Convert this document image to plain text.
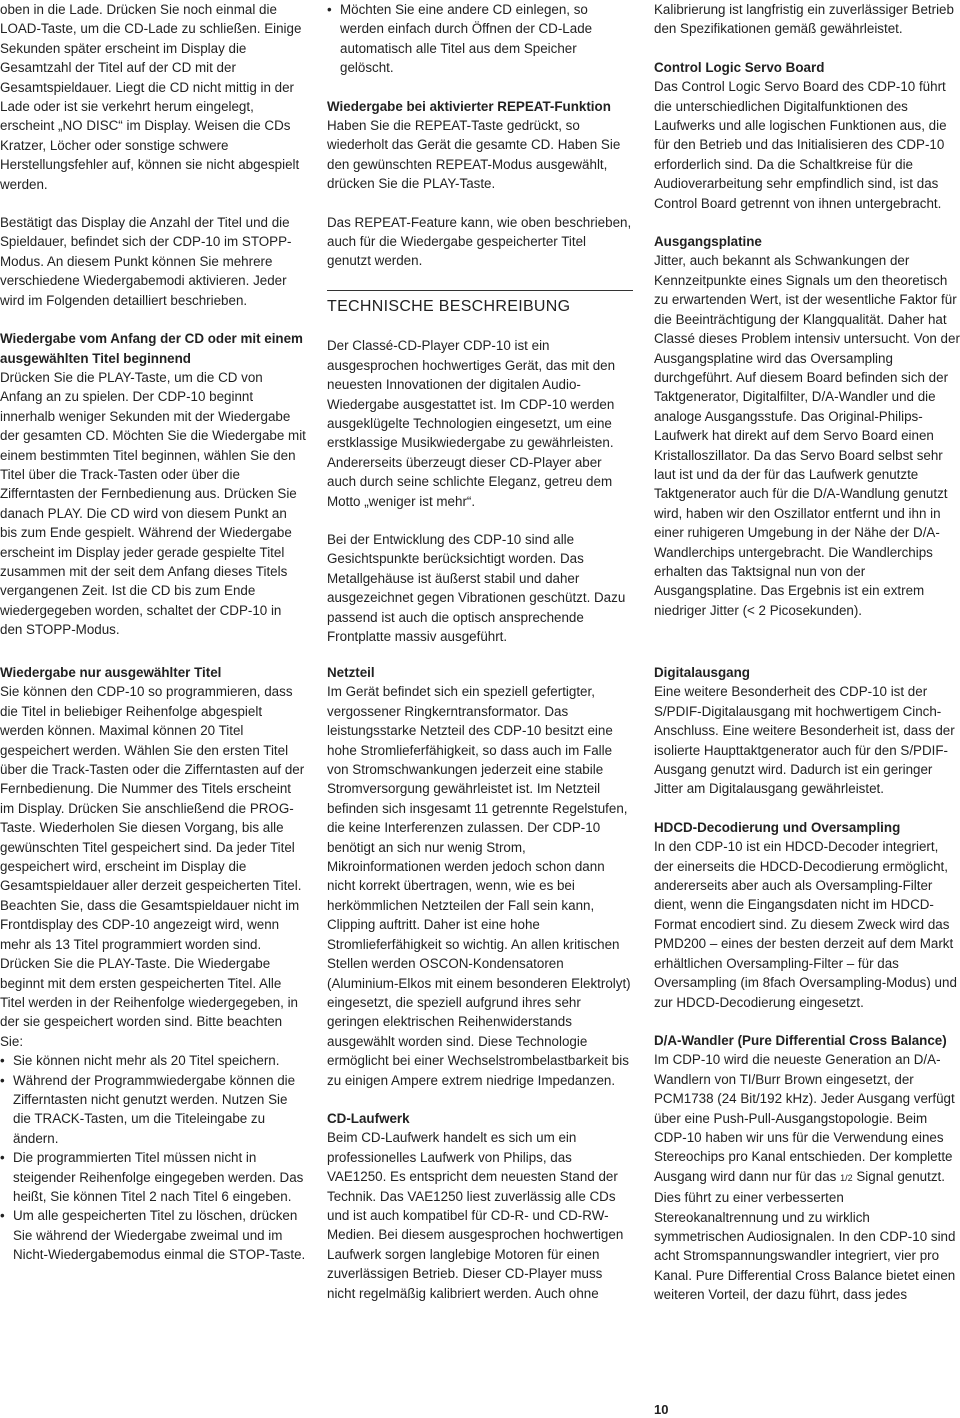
oben in die Lade. Drücken Sie noch einmal die LOAD-Taste, um die CD-Lade zu schließen. Einige Sekunden später erscheint im Display die Gesamtzahl der Titel auf der CD mit der Gesamtspieldauer. Liegt die CD nicht mittig in der Lade oder ist sie verkehrt herum eingelegt, erscheint „NO DISC“ im Display. Weisen die CDs Kratzer, Löcher oder sonstige schwere Herstellungsfehler auf, können sie nicht abgespielt werden.

Bestätigt das Display die Anzahl der Titel und die Spieldauer, befindet sich der CDP-10 im STOPP-Modus. An diesem Punkt können Sie mehrere verschiedene Wiedergabemodi aktivieren. Jeder wird im Folgenden detailliert beschrieben.

Wiedergabe vom Anfang der CD oder mit einem ausgewählten Titel beginnend

Drücken Sie die PLAY-Taste, um die CD von Anfang an zu spielen. Der CDP-10 beginnt innerhalb weniger Sekunden mit der Wiedergabe der gesamten CD. Möchten Sie die Wiedergabe mit einem bestimmten Titel beginnen, wählen Sie den Titel über die Track-Tasten oder über die Zifferntasten der Fernbedienung aus. Drücken Sie danach PLAY. Die CD wird von diesem Punkt an bis zum Ende gespielt. Während der Wiedergabe erscheint im Display jeder gerade gespielte Titel zusammen mit der seit dem Anfang dieses Titels vergangenen Zeit. Ist die CD bis zum Ende wiedergegeben worden, schaltet der CDP-10 in den STOPP-Modus.

Wiedergabe nur ausgewählter Titel

Sie können den CDP-10 so programmieren, dass die Titel in beliebiger Reihenfolge abgespielt werden können. Maximal können 20 Titel gespeichert werden. Wählen Sie den ersten Titel über die Track-Tasten oder die Zifferntasten auf der Fernbedienung. Die Nummer des Titels erscheint im Display. Drücken Sie anschließend die PROG-Taste. Wiederholen Sie diesen Vorgang, bis alle gewünschten Titel gespeichert sind. Da jeder Titel gespeichert wird, erscheint im Display die Gesamtspieldauer aller derzeit gespeicherten Titel. Beachten Sie, dass die Gesamtspieldauer nicht im Frontdisplay des CDP-10 angezeigt wird, wenn mehr als 13 Titel programmiert worden sind. Drücken Sie die PLAY-Taste. Die Wiedergabe beginnt mit dem ersten gespeicherten Titel. Alle Titel werden in der Reihenfolge wiedergegeben, in der sie gespeichert worden sind. Bitte beachten Sie:

• Sie können nicht mehr als 20 Titel speichern.
• Während der Programmwiedergabe können die Zifferntasten nicht genutzt werden. Nutzen Sie die TRACK-Tasten, um die Titeleingabe zu ändern.
• Die programmierten Titel müssen nicht in steigender Reihenfolge eingegeben werden. Das heißt, Sie können Titel 2 nach Titel 6 eingeben.
• Um alle gespeicherten Titel zu löschen, drücken Sie während der Wiedergabe zweimal und im Nicht-Wiedergabemodus einmal die STOP-Taste.
• Möchten Sie eine andere CD einlegen, so werden einfach durch Öffnen der CD-Lade automatisch alle Titel aus dem Speicher gelöscht.
Wiedergabe bei aktivierter REPEAT-Funktion

Haben Sie die REPEAT-Taste gedrückt, so wiederholt das Gerät die gesamte CD. Haben Sie den gewünschten REPEAT-Modus ausgewählt, drücken Sie die PLAY-Taste.

Das REPEAT-Feature kann, wie oben beschrieben, auch für die Wiedergabe gespeicherter Titel genutzt werden.

TECHNISCHE BESCHREIBUNG

Der Classé-CD-Player CDP-10 ist ein ausgesprochen hochwertiges Gerät, das mit den neuesten Innovationen der digitalen Audio-Wiedergabe ausgestattet ist. Im CDP-10 werden ausgeklügelte Technologien eingesetzt, um eine erstklassige Musikwiedergabe zu gewährleisten. Andererseits überzeugt dieser CD-Player aber auch durch seine schlichte Eleganz, getreu dem Motto „weniger ist mehr“.

Bei der Entwicklung des CDP-10 sind alle Gesichtspunkte berücksichtigt worden. Das Metallgehäuse ist äußerst stabil und daher ausgezeichnet gegen Vibrationen geschützt. Dazu passend ist auch die optisch ansprechende Frontplatte massiv ausgeführt.

Netzteil

Im Gerät befindet sich ein speziell gefertigter, vergossener Ringkerntransformator. Das leistungsstarke Netzteil des CDP-10 besitzt eine hohe Stromlieferfähigkeit, so dass auch im Falle von Stromschwankungen jederzeit eine stabile Stromversorgung gewährleistet ist. Im Netzteil befinden sich insgesamt 11 getrennte Regelstufen, die keine Interferenzen zulassen. Der CDP-10 benötigt an sich nur wenig Strom, Mikroinformationen werden jedoch schon dann nicht korrekt übertragen, wenn, wie es bei herkömmlichen Netzteilen der Fall sein kann, Clipping auftritt. Daher ist eine hohe Stromlieferfähigkeit so wichtig. An allen kritischen Stellen werden OSCON-Kondensatoren (Aluminium-Elkos mit einem besonderen Elektrolyt) eingesetzt, die speziell aufgrund ihres sehr geringen elektrischen Reihenwiderstands ausgewählt worden sind. Diese Technologie ermöglicht bei einer Wechselstrombelastbarkeit bis zu einigen Ampere extrem niedrige Impedanzen.

CD-Laufwerk

Beim CD-Laufwerk handelt es sich um ein professionelles Laufwerk von Philips, das VAE1250. Es entspricht dem neuesten Stand der Technik. Das VAE1250 liest zuverlässig alle CDs und ist auch kompatibel für CD-R- und CD-RW-Medien. Bei diesem ausgesprochen hochwertigen Laufwerk sorgen langlebige Motoren für einen zuverlässigen Betrieb. Dieser CD-Player muss nicht regelmäßig kalibriert werden. Auch ohne

Kalibrierung ist langfristig ein zuverlässiger Betrieb den Spezifikationen gemäß gewährleistet.

Control Logic Servo Board

Das Control Logic Servo Board des CDP-10 führt die unterschiedlichen Digitalfunktionen des Laufwerks und alle logischen Funktionen aus, die für den Betrieb und das Initialisieren des CDP-10 erforderlich sind. Da die Schaltkreise für die Audioverarbeitung sehr empfindlich sind, ist das Control Board getrennt von ihnen untergebracht.

Ausgangsplatine

Jitter, auch bekannt als Schwankungen der Kennzeitpunkte eines Signals um den theoretisch zu erwartenden Wert, ist der wesentliche Faktor für die Beeinträchtigung der Klangqualität. Daher hat Classé dieses Problem intensiv untersucht. Von der Ausgangsplatine wird das Oversampling durchgeführt. Auf diesem Board befinden sich der Taktgenerator, Digitalfilter, D/A-Wandler und die analoge Ausgangsstufe. Das Original-Philips-Laufwerk hat direkt auf dem Servo Board einen Kristalloszillator. Da das Servo Board selbst sehr laut ist und da der für das Laufwerk genutzte Taktgenerator auch für die D/A-Wandlung genutzt wird, haben wir den Oszillator entfernt und ihn in einer ruhigeren Umgebung in der Nähe der D/A-Wandlerchips untergebracht. Die Wandlerchips erhalten das Taktsignal nun von der Ausgangsplatine. Das Ergebnis ist ein extrem niedriger Jitter (< 2 Picosekunden).

Digitalausgang

Eine weitere Besonderheit des CDP-10 ist der S/PDIF-Digitalausgang mit hochwertigem Cinch-Anschluss. Eine weitere Besonderheit ist, dass der isolierte Haupttaktgenerator auch für den S/PDIF-Ausgang genutzt wird. Dadurch ist ein geringer Jitter am Digitalausgang gewährleistet.

HDCD-Decodierung und Oversampling

In den CDP-10 ist ein HDCD-Decoder integriert, der einerseits die HDCD-Decodierung ermöglicht, andererseits aber auch als Oversampling-Filter dient, wenn die Eingangsdaten nicht im HDCD-Format encodiert sind. Zu diesem Zweck wird das PMD200 – eines der besten derzeit auf dem Markt erhältlichen Oversampling-Filter – für das Oversampling (im 8fach Oversampling-Modus) und zur HDCD-Decodierung eingesetzt.

D/A-Wandler (Pure Differential Cross Balance)

Im CDP-10 wird die neueste Generation an D/A-Wandlern von TI/Burr Brown eingesetzt, der PCM1738 (24 Bit/192 kHz). Jeder Ausgang verfügt über eine Push-Pull-Ausgangstopologie. Beim CDP-10 haben wir uns für die Verwendung eines Stereochips pro Kanal entschieden. Der komplette Ausgang wird dann nur für das 1/2 Signal genutzt. Dies führt zu einer verbesserten Stereokanaltrennung und zu wirklich symmetrischen Audiosignalen. In den CDP-10 sind acht Stromspannungswandler integriert, vier pro Kanal. Pure Differential Cross Balance bietet einen weiteren Vorteil, der dazu führt, dass jedes

10
